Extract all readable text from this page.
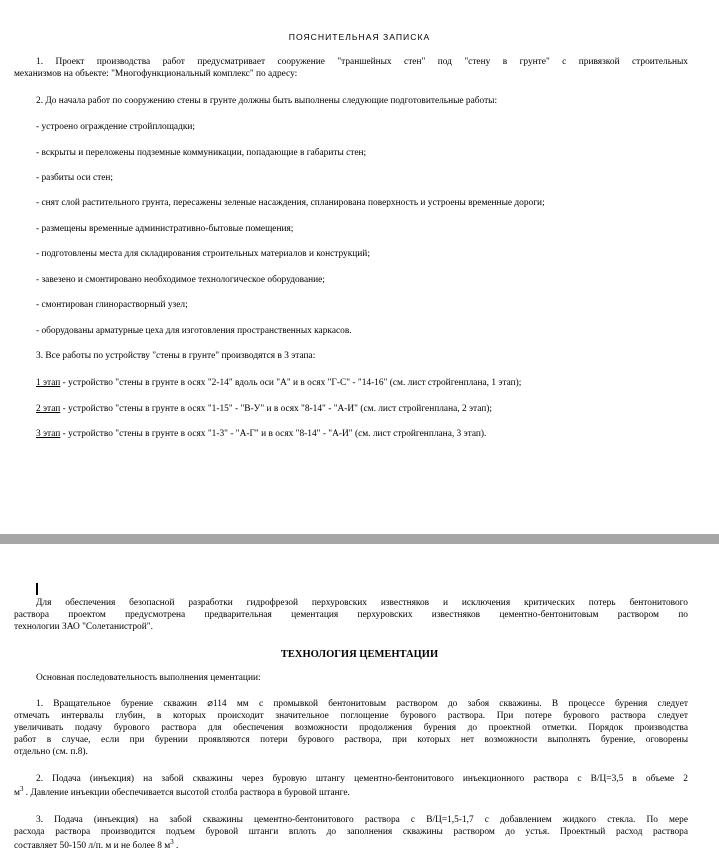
ПОЯСНИТЕЛЬНАЯ ЗАПИСКА
1. Проект производства работ предусматривает сооружение "траншейных стен" под "стену в грунте" с привязкой строительных
механизмов на объекте: "Многофункциональный комплекс" по адресу:
2. До начала работ по сооружению стены в грунте должны быть выполнены следующие подготовительные работы:
- устроено ограждение стройплощадки;
- вскрыты и переложены подземные коммуникации, попадающие в габариты стен;
- разбиты оси стен;
- снят слой растительного грунта, пересажены зеленые насаждения, спланирована поверхность и устроены временные дороги;
- размещены временные административно-бытовые помещения;
- подготовлены места для складирования строительных материалов и конструкций;
- завезено и смонтировано необходимое технологическое оборудование;
- смонтирован глинорастворный узел;
- оборудованы арматурные цеха для изготовления пространственных каркасов.
3. Все работы по устройству "стены в грунте" производятся в 3 этапа:
1 этап - устройство "стены в грунте в осях "2-14" вдоль оси "А" и в осях "Г-С" - "14-16" (см. лист стройгенплана, 1 этап);
2 этап - устройство "стены в грунте в осях "1-15" - "В-У" и в осях "8-14" - "А-И" (см. лист стройгенплана, 2 этап);
3 этап - устройство "стены в грунте в осях "1-3" - "А-Г" и в осях "8-14" - "А-И" (см. лист стройгенплана, 3 этап).
Для обеспечения безопасной разработки гидрофрезой перхуровских известняков и исключения критических потерь бентонитового
раствора проектом предусмотрена предварительная цементация перхуровских известняков цементно-бентонитовым раствором по
технологии ЗАО "Солетанистрой".
ТЕХНОЛОГИЯ ЦЕМЕНТАЦИИ
Основная последовательность выполнения цементации:
1. Вращательное бурение скважин ⌀114 мм с промывкой бентонитовым раствором до забоя скважины. В процессе бурения следует
отмечать интервалы глубин, в которых происходит значительное поглощение бурового раствора. При потере бурового раствора следует
увеличивать подачу бурового раствора для обеспечения возможности продолжения бурения до проектной отметки. Порядок производства
работ в случае, если при бурении проявляются потери бурового раствора, при которых нет возможности выполнять бурение, оговорены
отдельно (см. п.8).
2. Подача (инъекция) на забой скважины через буровую штангу цементно-бентонитового инъекционного раствора с В/Ц=3,5 в объеме 2
$м^3$ . Давление инъекции обеспечивается высотой столба раствора в буровой штанге.
3. Подача (инъекция) на забой скважины цементно-бентонитового раствора с В/Ц=1,5-1,7 с добавлением жидкого стекла. По мере
расхода раствора производится подъем буровой штанги вплоть до заполнения скважины раствором до устья. Проектный расход раствора
составляет 50-150 л/п. м и не более 8 $м^3$ .
